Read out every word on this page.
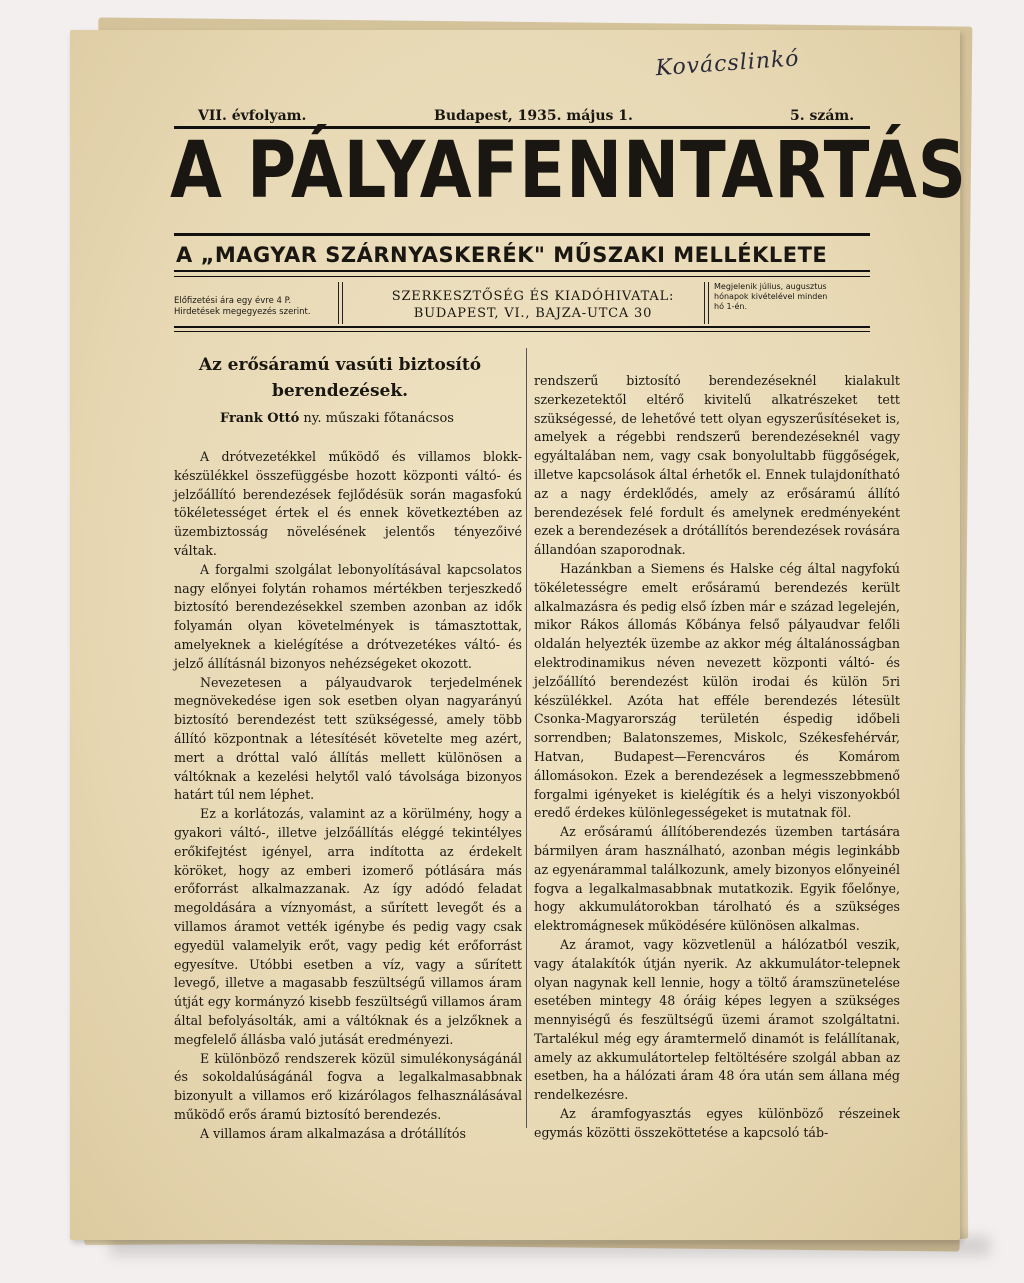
Kovácslinkó
VII. évfolyam.	Budapest, 1935. május 1.	5. szám.
A PÁLYAFENNTARTÁS
A „MAGYAR SZÁRNYASKERÉK" MŰSZAKI MELLÉKLETE
Előfizetési ára egy évre 4 P.
Hirdetések megegyezés szerint.
SZERKESZTŐSÉG ÉS KIADÓHIVATAL:
BUDAPEST, VI., BAJZA-UTCA 30
Megjelenik július, augusztus
hónapok kivételével minden
hó 1-én.
Az erősáramú vasúti biztosító
berendezések.
Frank Ottó ny. műszaki főtanácsos

A drótvezetékkel működő és villamos blokk-készülékkel összefüggésbe hozott központi váltó- és jelzőállító berendezések fejlődésük során magasfokú tökéletességet értek el és ennek következtében az üzembiztosság növelésének jelentős tényezőivé váltak.

A forgalmi szolgálat lebonyolításával kapcsolatos nagy előnyei folytán rohamos mértékben terjeszkedő biztosító berendezésekkel szemben azonban az idők folyamán olyan követelmények is támasztottak, amelyeknek a kielégítése a drótvezetékes váltó- és jelző állításnál bizonyos nehézségeket okozott.

Nevezetesen a pályaudvarok terjedelmének megnövekedése igen sok esetben olyan nagyarányú biztosító berendezést tett szükségessé, amely több állító központnak a létesítését követelte meg azért, mert a dróttal való állítás mellett különösen a váltóknak a kezelési helytől való távolsága bizonyos határt túl nem léphet.

Ez a korlátozás, valamint az a körülmény, hogy a gyakori váltó-, illetve jelzőállítás eléggé tekintélyes erőkifejtést igényel, arra indította az érdekelt köröket, hogy az emberi izomerő pótlására más erőforrást alkalmazzanak. Az így adódó feladat megoldására a víznyomást, a sűrített levegőt és a villamos áramot vették igénybe és pedig vagy csak egyedül valamelyik erőt, vagy pedig két erőforrást egyesítve. Utóbbi esetben a víz, vagy a sűrített levegő, illetve a magasabb feszültségű villamos áram útját egy kormányzó kisebb feszültségű villamos áram által befolyásolták, ami a váltóknak és a jelzőknek a megfelelő állásba való jutását eredményezi.

E különböző rendszerek közül simulékonyságánál és sokoldalúságánál fogva a legalkalmasabbnak bizonyult a villamos erő kizárólagos felhasználásával működő erős áramú biztosító berendezés.

A villamos áram alkalmazása a drótállítós

rendszerű biztosító berendezéseknél kialakult szerkezetektől eltérő kivitelű alkatrészeket tett szükségessé, de lehetővé tett olyan egyszerűsítéseket is, amelyek a régebbi rendszerű berendezéseknél vagy egyáltalában nem, vagy csak bonyolultabb függőségek, illetve kapcsolások által érhetők el. Ennek tulajdonítható az a nagy érdeklődés, amely az erősáramú állító berendezések felé fordult és amelynek eredményeként ezek a berendezések a drótállítós berendezések rovására állandóan szaporodnak.

Hazánkban a Siemens és Halske cég által nagyfokú tökéletességre emelt erősáramú berendezés került alkalmazásra és pedig első ízben már e század legelején, mikor Rákos állomás Kőbánya felső pályaudvar felőli oldalán helyezték üzembe az akkor még általánosságban elektrodinamikus néven nevezett központi váltó- és jelzőállító berendezést külön irodai és külön 5ri készülékkel. Azóta hat efféle berendezés létesült Csonka-Magyarország területén éspedig időbeli sorrendben; Balatonszemes, Miskolc, Székesfehérvár, Hatvan, Budapest—Ferencváros és Komárom állomásokon. Ezek a berendezések a legmesszebbmenő forgalmi igényeket is kielégítik és a helyi viszonyokból eredő érdekes különlegességeket is mutatnak föl.

Az erősáramú állítóberendezés üzemben tartására bármilyen áram használható, azonban mégis leginkább az egyenárammal találkozunk, amely bizonyos előnyeinél fogva a legalkalmasabbnak mutatkozik. Egyik főelőnye, hogy akkumulátorokban tárolható és a szükséges elektromágnesek működésére különösen alkalmas.

Az áramot, vagy közvetlenül a hálózatból veszik, vagy átalakítók útján nyerik. Az akkumulátor-telepnek olyan nagynak kell lennie, hogy a töltő áramszünetelése esetében mintegy 48 óráig képes legyen a szükséges mennyiségű és feszültségű üzemi áramot szolgáltatni. Tartalékul még egy áramtermelő dinamót is felállítanak, amely az akkumulátortelep feltöltésére szolgál abban az esetben, ha a hálózati áram 48 óra után sem állana még rendelkezésre.

Az áramfogyasztás egyes különböző részeinek egymás közötti összeköttetése a kapcsoló táb-
